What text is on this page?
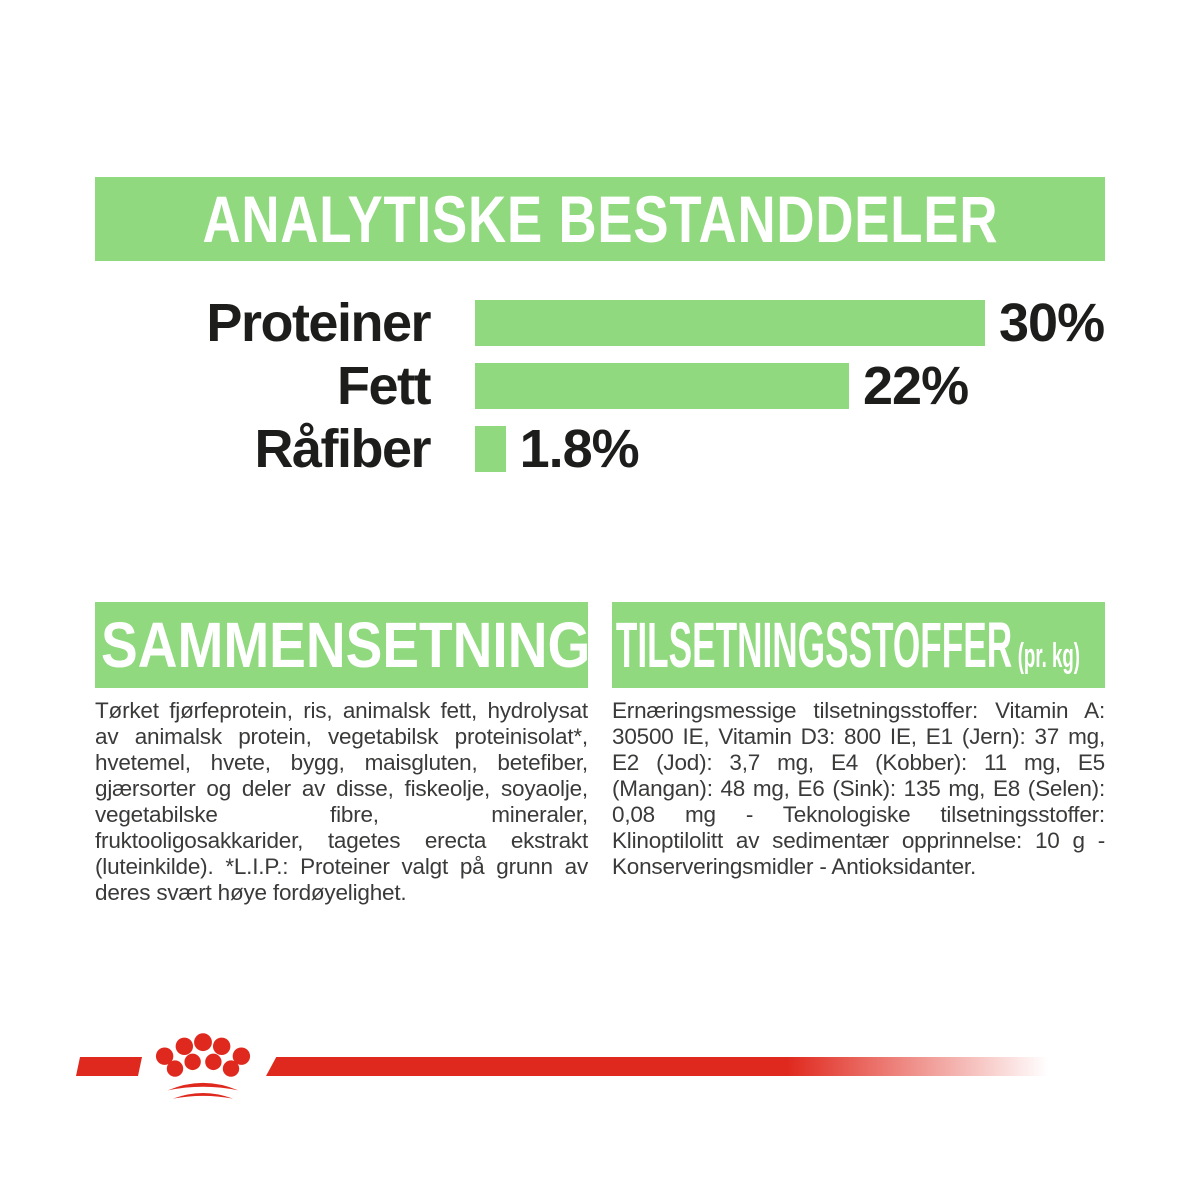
ANALYTISKE BESTANDDELER
Proteiner	30%
Fett	22%
Råfiber	1.8%
SAMMENSETNING
Tørket fjørfeprotein, ris, animalsk fett, hydrolysat av animalsk protein, vegetabilsk proteinisolat*, hvetemel, hvete, bygg, maisgluten, betefiber, gjærsorter og deler av disse, fiskeolje, soyaolje, vegetabilske fibre, mineraler, fruktooligosakkarider, tagetes erecta ekstrakt (luteinkilde). *L.I.P.: Proteiner valgt på grunn av deres svært høye fordøyelighet.
TILSETNINGSSTOFFER (pr. kg)
Ernæringsmessige tilsetningsstoffer: Vitamin A: 30500 IE, Vitamin D3: 800 IE, E1 (Jern): 37 mg, E2 (Jod): 3,7 mg, E4 (Kobber): 11 mg, E5 (Mangan): 48 mg, E6 (Sink): 135 mg, E8 (Selen): 0,08 mg - Teknologiske tilsetningsstoffer: Klinoptilolitt av sedimentær opprinnelse: 10 g - Konserveringsmidler - Antioksidanter.
